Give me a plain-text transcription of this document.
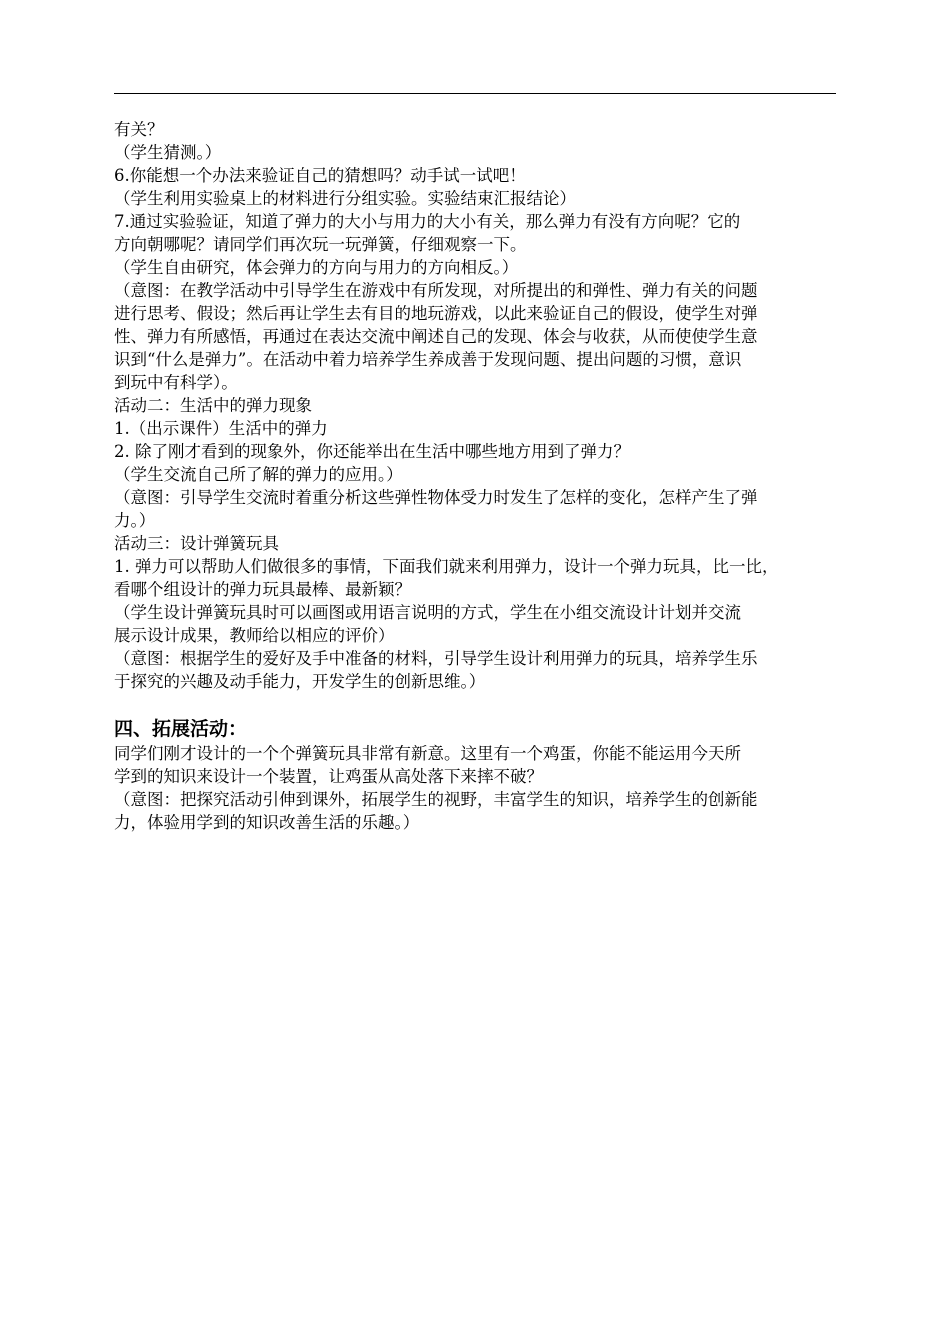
有关？

（学生猜测。）

6.你能想一个办法来验证自己的猜想吗？动手试一试吧！

（学生利用实验桌上的材料进行分组实验。实验结束汇报结论）

7.通过实验验证，知道了弹力的大小与用力的大小有关，那么弹力有没有方向呢？它的

方向朝哪呢？请同学们再次玩一玩弹簧，仔细观察一下。

（学生自由研究，体会弹力的方向与用力的方向相反。）

（意图：在教学活动中引导学生在游戏中有所发现，对所提出的和弹性、弹力有关的问题

进行思考、假设；然后再让学生去有目的地玩游戏，以此来验证自己的假设，使学生对弹

性、弹力有所感悟，再通过在表达交流中阐述自己的发现、体会与收获，从而使使学生意

识到“什么是弹力”。在活动中着力培养学生养成善于发现问题、提出问题的习惯，意识

到玩中有科学）。

活动二：生活中的弹力现象

1.（出示课件）生活中的弹力

2. 除了刚才看到的现象外，你还能举出在生活中哪些地方用到了弹力？

（学生交流自己所了解的弹力的应用。）

（意图：引导学生交流时着重分析这些弹性物体受力时发生了怎样的变化，怎样产生了弹

力。）

活动三：设计弹簧玩具

1. 弹力可以帮助人们做很多的事情，下面我们就来利用弹力，设计一个弹力玩具，比一比，

看哪个组设计的弹力玩具最棒、最新颖？

（学生设计弹簧玩具时可以画图或用语言说明的方式，学生在小组交流设计计划并交流

展示设计成果，教师给以相应的评价）

（意图：根据学生的爱好及手中准备的材料，引导学生设计利用弹力的玩具，培养学生乐

于探究的兴趣及动手能力，开发学生的创新思维。）

四、拓展活动：

同学们刚才设计的一个个弹簧玩具非常有新意。这里有一个鸡蛋，你能不能运用今天所

学到的知识来设计一个装置，让鸡蛋从高处落下来摔不破？

（意图：把探究活动引伸到课外，拓展学生的视野，丰富学生的知识，培养学生的创新能

力，体验用学到的知识改善生活的乐趣。）
